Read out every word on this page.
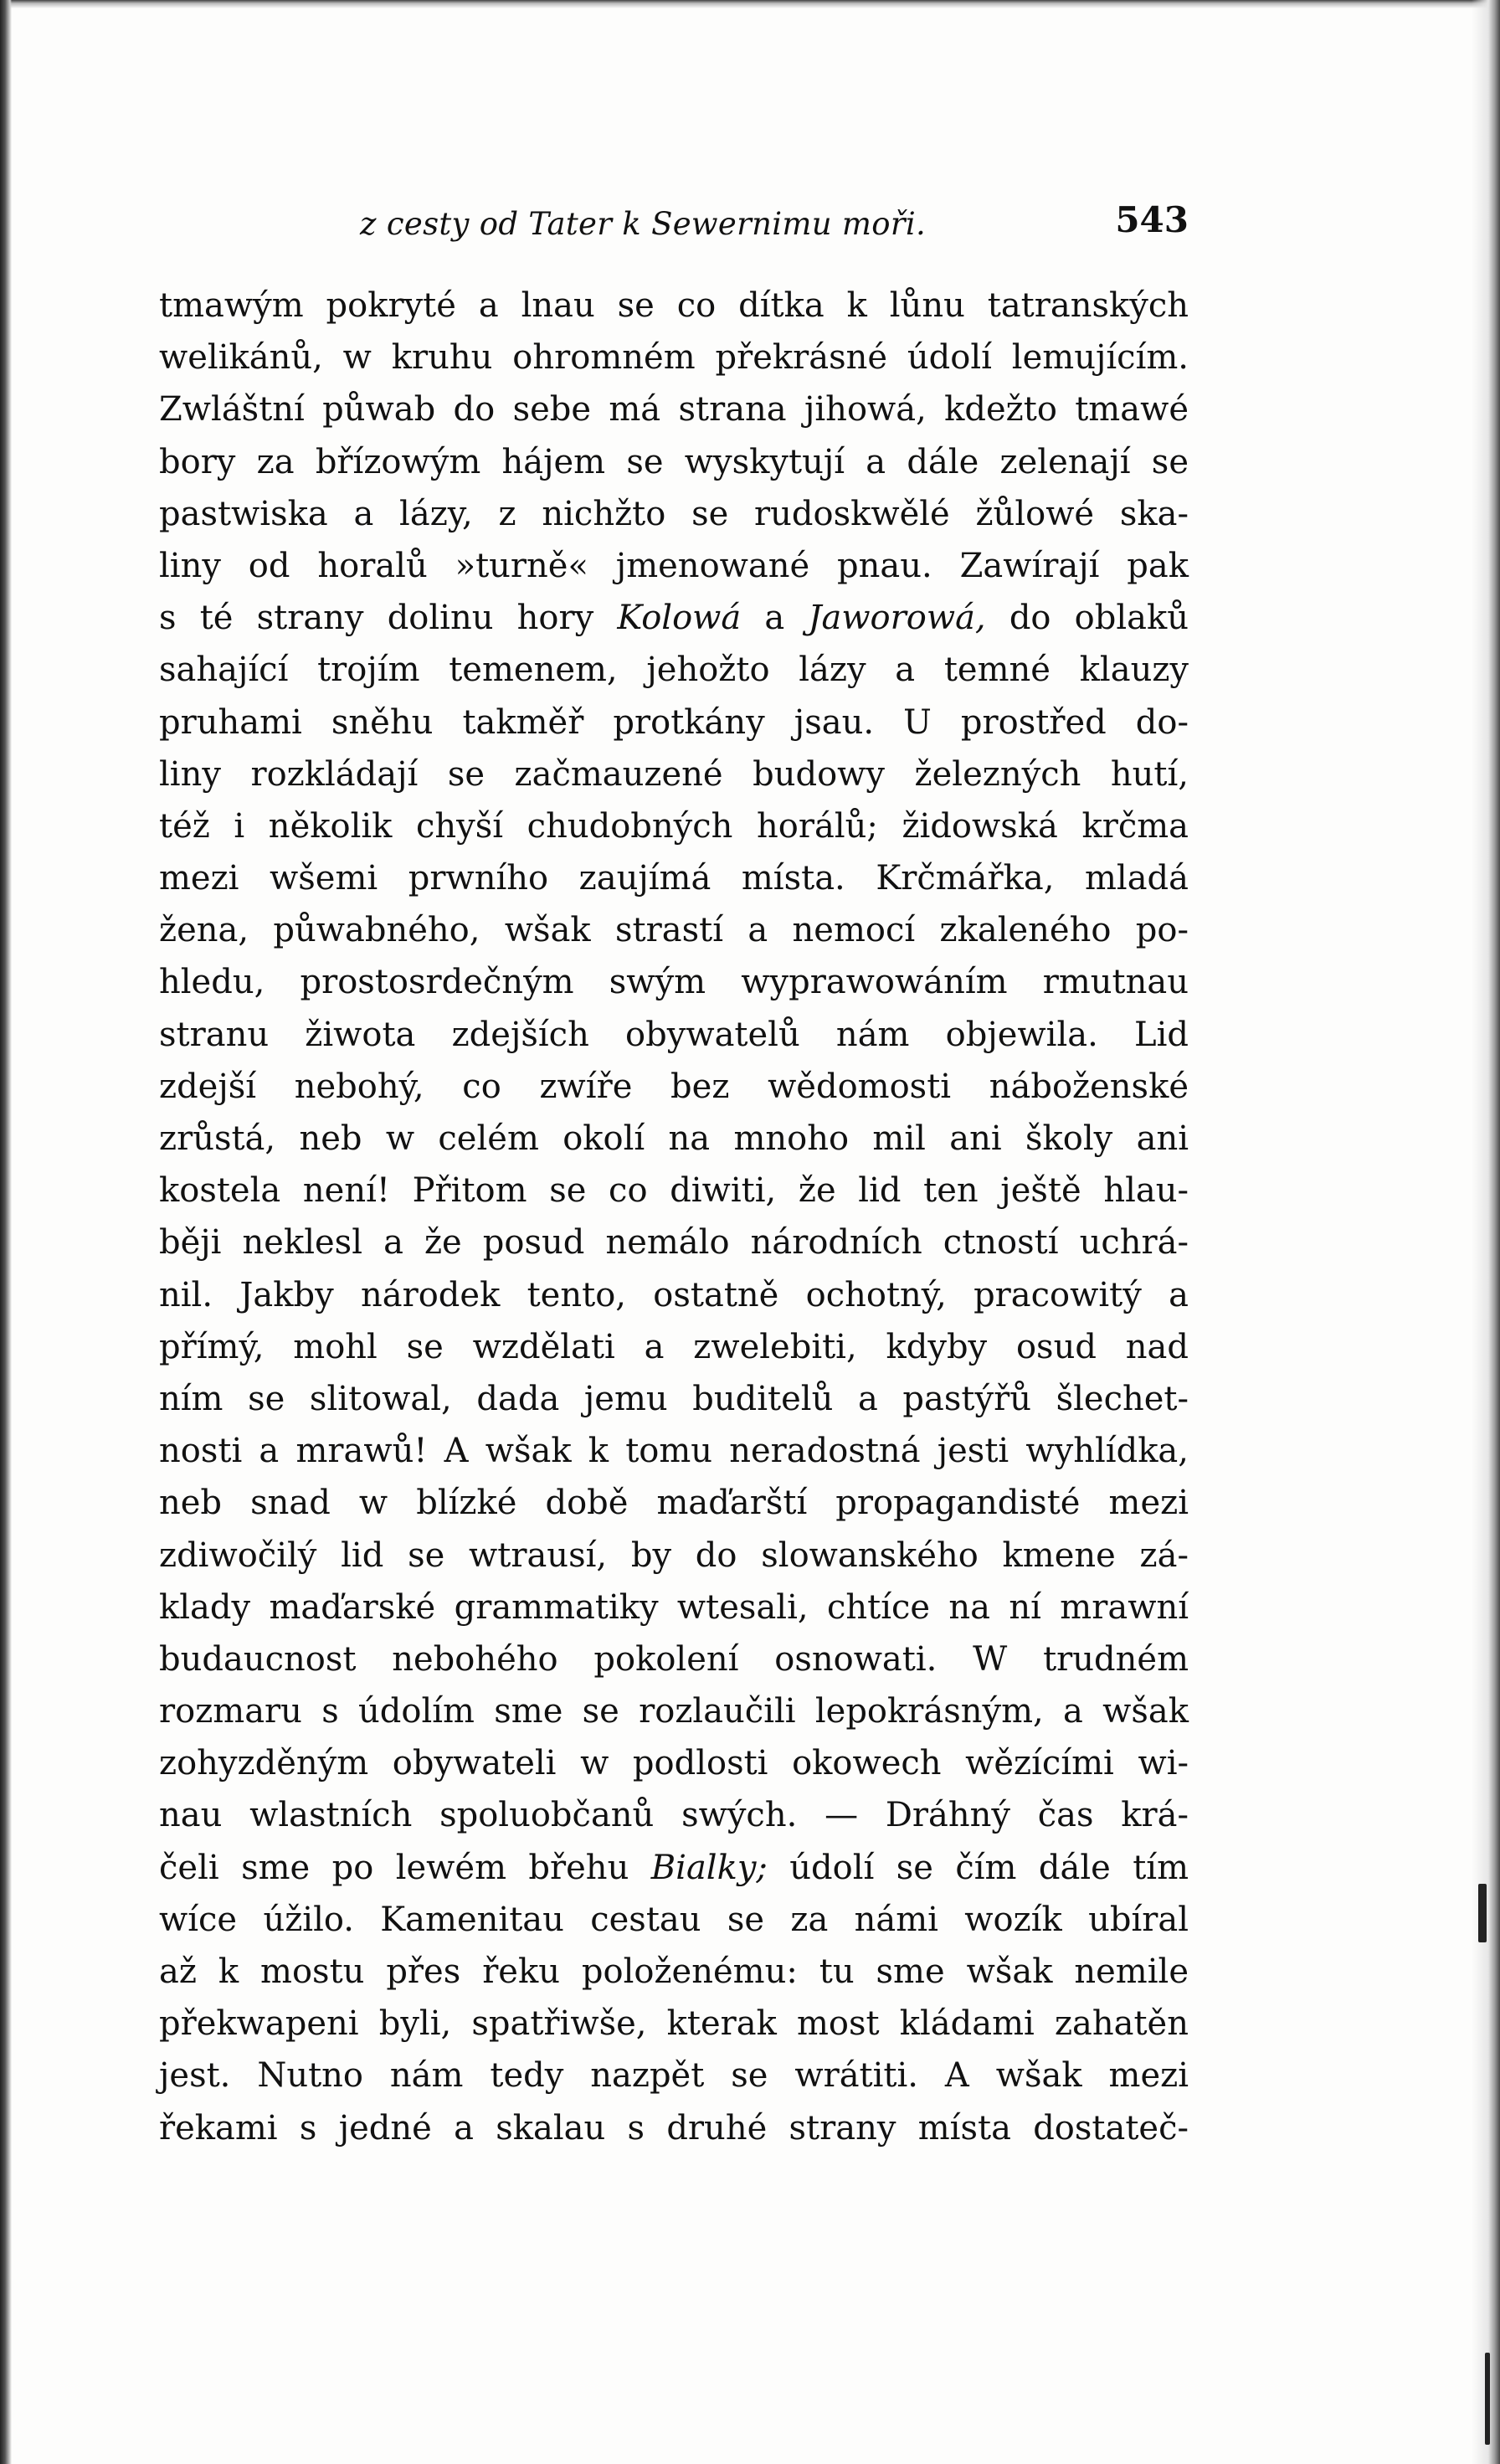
z cesty od Tater k Sewernimu moři.	543
tmawým pokryté a lnau se co dítka k lůnu tatranských
welikánů, w kruhu ohromném překrásné údolí lemujícím.
Zwláštní půwab do sebe má strana jihowá, kdežto tmawé
bory za břízowým hájem se wyskytují a dále zelenají se
pastwiska a lázy, z nichžto se rudoskwělé žůlowé ska-
liny od horalů »turně« jmenowané pnau. Zawírají pak
s té strany dolinu hory Kolowá a Jaworowá, do oblaků
sahající trojím temenem, jehožto lázy a temné klauzy
pruhami sněhu takměř protkány jsau. U prostřed do-
liny rozkládají se začmauzené budowy železných hutí,
též i několik chyší chudobných horálů; židowská krčma
mezi wšemi prwního zaujímá místa. Krčmářka, mladá
žena, půwabného, wšak strastí a nemocí zkaleného po-
hledu, prostosrdečným swým wyprawowáním rmutnau
stranu žiwota zdejších obywatelů nám objewila. Lid
zdejší nebohý, co zwíře bez wědomosti náboženské
zrůstá, neb w celém okolí na mnoho mil ani školy ani
kostela není! Přitom se co diwiti, že lid ten ještě hlau-
běji neklesl a že posud nemálo národních ctností uchrá-
nil. Jakby národek tento, ostatně ochotný, pracowitý a
přímý, mohl se wzdělati a zwelebiti, kdyby osud nad
ním se slitowal, dada jemu buditelů a pastýřů šlechet-
nosti a mrawů! A wšak k tomu neradostná jesti wyhlídka,
neb snad w blízké době maďarští propagandisté mezi
zdiwočilý lid se wtrausí, by do slowanského kmene zá-
klady maďarské grammatiky wtesali, chtíce na ní mrawní
budaucnost nebohého pokolení osnowati. W trudném
rozmaru s údolím sme se rozlaučili lepokrásným, a wšak
zohyzděným obywateli w podlosti okowech wězícími wi-
nau wlastních spoluobčanů swých. — Dráhný čas krá-
čeli sme po lewém břehu Bialky; údolí se čím dále tím
wíce úžilo. Kamenitau cestau se za námi wozík ubíral
až k mostu přes řeku položenému: tu sme wšak nemile
překwapeni byli, spatřiwše, kterak most kládami zahatěn
jest. Nutno nám tedy nazpět se wrátiti. A wšak mezi
řekami s jedné a skalau s druhé strany místa dostateč-
